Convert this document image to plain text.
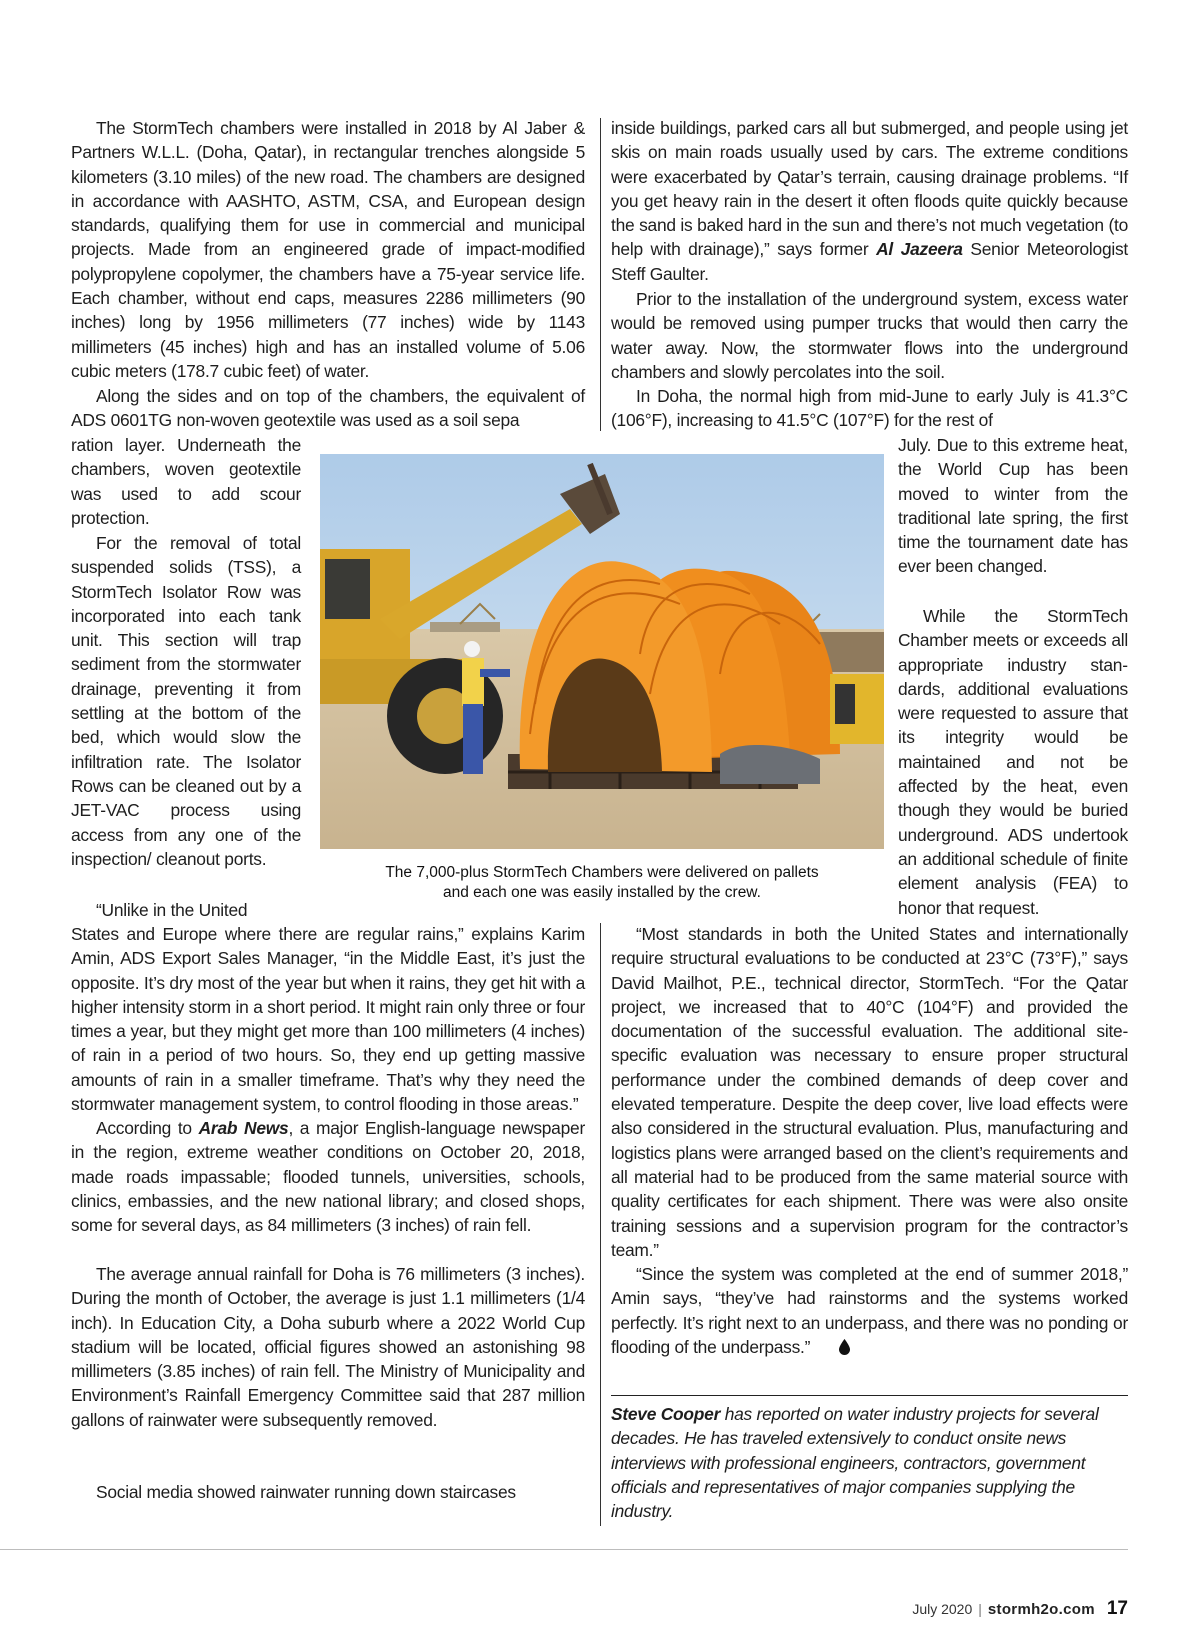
The StormTech chambers were installed in 2018 by Al Jaber & Partners W.L.L. (Doha, Qatar), in rectangular trenches alongside 5 kilometers (3.10 miles) of the new road. The chambers are designed in accordance with AASHTO, ASTM, CSA, and European design standards, qualifying them for use in commercial and municipal projects. Made from an engineered grade of impact-modified polypropylene copolymer, the chambers have a 75-year service life. Each chamber, without end caps, measures 2286 millimeters (90 inches) long by 1956 millimeters (77 inches) wide by 1143 millimeters (45 inches) high and has an installed volume of 5.06 cubic meters (178.7 cubic feet) of water.

Along the sides and on top of the chambers, the equivalent of ADS 0601TG non-woven geotextile was used as a soil sepa

ration layer. Underneath the chambers, woven geotextile was used to add scour protection.

For the removal of total suspended solids (TSS), a StormTech Isolator Row was incorporated into each tank unit. This section will trap sediment from the stormwater drainage, preventing it from settling at the bottom of the bed, which would slow the infiltration rate. The Isolator Rows can be cleaned out by a JET-VAC process using access from any one of the inspection/ cleanout ports.

“Unlike in the United

States and Europe where there are regular rains,” explains Karim Amin, ADS Export Sales Manager, “in the Middle East, it’s just the opposite. It’s dry most of the year but when it rains, they get hit with a higher intensity storm in a short period. It might rain only three or four times a year, but they might get more than 100 millimeters (4 inches) of rain in a period of two hours. So, they end up getting massive amounts of rain in a smaller timeframe. That’s why they need the stormwater management system, to control flooding in those areas.”

According to Arab News, a major English-language newspaper in the region, extreme weather conditions on October 20, 2018, made roads impassable; flooded tunnels, universities, schools, clinics, embassies, and the new national library; and closed shops, some for several days, as 84 millimeters (3 inches) of rain fell.

The average annual rainfall for Doha is 76 millimeters (3 inches). During the month of October, the average is just 1.1 millimeters (1/4 inch). In Education City, a Doha suburb where a 2022 World Cup stadium will be located, official figures showed an astonishing 98 millimeters (3.85 inches) of rain fell. The Ministry of Municipality and Environment’s Rainfall Emergency Committee said that 287 million gallons of rainwater were subsequently removed.

Social media showed rainwater running down staircases

inside buildings, parked cars all but submerged, and people using jet skis on main roads usually used by cars. The extreme conditions were exacerbated by Qatar’s terrain, causing drainage problems. “If you get heavy rain in the desert it often floods quite quickly because the sand is baked hard in the sun and there’s not much vegetation (to help with drainage),” says former Al Jazeera Senior Meteorologist Steff Gaulter.

Prior to the installation of the underground system, excess water would be removed using pumper trucks that would then carry the water away. Now, the stormwater flows into the underground chambers and slowly percolates into the soil.

In Doha, the normal high from mid-June to early July is 41.3°C (106°F), increasing to 41.5°C (107°F) for the rest of

July. Due to this extreme heat, the World Cup has been moved to winter from the traditional late spring, the first time the tournament date has ever been changed.

While the StormTech Chamber meets or exceeds all appropriate industry standards, additional evaluations were requested to assure that its integrity would be maintained and not be affected by the heat, even though they would be buried underground. ADS undertook an additional schedule of finite element analysis (FEA) to honor that request.

“Most standards in both the United States and internationally require structural evaluations to be conducted at 23°C (73°F),” says David Mailhot, P.E., technical director, StormTech. “For the Qatar project, we increased that to 40°C (104°F) and provided the documentation of the successful evaluation. The additional site-specific evaluation was necessary to ensure proper structural performance under the combined demands of deep cover and elevated temperature. Despite the deep cover, live load effects were also considered in the structural evaluation. Plus, manufacturing and logistics plans were arranged based on the client’s requirements and all material had to be produced from the same material source with quality certificates for each shipment. There was were also onsite training sessions and a supervision program for the contractor’s team.”

“Since the system was completed at the end of summer 2018,” Amin says, “they’ve had rainstorms and the systems worked perfectly. It’s right next to an underpass, and there was no ponding or flooding of the underpass.”

The 7,000-plus StormTech Chambers were delivered on pallets
and each one was easily installed by the crew.

Steve Cooper has reported on water industry projects for several decades. He has traveled extensively to conduct onsite news interviews with professional engineers, contractors, government officials and representatives of major companies supplying the industry.

July 2020 | stormh2o.com 17
